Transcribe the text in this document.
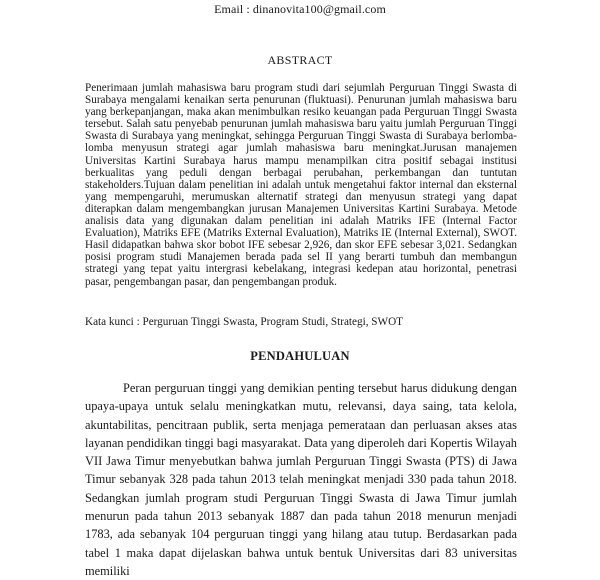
Email : dinanovita100@gmail.com
ABSTRACT
Penerimaan jumlah mahasiswa baru program studi dari sejumlah Perguruan Tinggi Swasta di Surabaya mengalami kenaikan serta penurunan (fluktuasi). Penurunan jumlah mahasiswa baru yang berkepanjangan, maka akan menimbulkan resiko keuangan pada Perguruan Tinggi Swasta tersebut. Salah satu penyebab penurunan jumlah mahasiswa baru yaitu jumlah Perguruan Tinggi Swasta di Surabaya yang meningkat, sehingga Perguruan Tinggi Swasta di Surabaya berlomba-lomba menyusun strategi agar jumlah mahasiswa baru meningkat.Jurusan manajemen Universitas Kartini Surabaya harus mampu menampilkan citra positif sebagai institusi berkualitas yang peduli dengan berbagai perubahan, perkembangan dan tuntutan stakeholders.Tujuan dalam penelitian ini adalah untuk mengetahui faktor internal dan eksternal yang mempengaruhi, merumuskan alternatif strategi dan menyusun strategi yang dapat diterapkan dalam mengembangkan jurusan Manajemen Universitas Kartini Surabaya. Metode analisis data yang digunakan dalam penelitian ini adalah Matriks IFE (Internal Factor Evaluation), Matriks EFE (Matriks External Evaluation), Matriks IE (Internal External), SWOT. Hasil didapatkan bahwa skor bobot IFE sebesar 2,926, dan skor EFE sebesar 3,021. Sedangkan posisi program studi Manajemen berada pada sel II yang berarti tumbuh dan membangun strategi yang tepat yaitu intergrasi kebelakang, integrasi kedepan atau horizontal, penetrasi pasar, pengembangan pasar, dan pengembangan produk.
Kata kunci : Perguruan Tinggi Swasta, Program Studi, Strategi, SWOT
PENDAHULUAN
Peran perguruan tinggi yang demikian penting tersebut harus didukung dengan upaya-upaya untuk selalu meningkatkan mutu, relevansi, daya saing, tata kelola, akuntabilitas, pencitraan publik, serta menjaga pemerataan dan perluasan akses atas layanan pendidikan tinggi bagi masyarakat. Data yang diperoleh dari Kopertis Wilayah VII Jawa Timur menyebutkan bahwa jumlah Perguruan Tinggi Swasta (PTS) di Jawa Timur sebanyak 328 pada tahun 2013 telah meningkat menjadi 330 pada tahun 2018. Sedangkan jumlah program studi Perguruan Tinggi Swasta di Jawa Timur jumlah menurun pada tahun 2013 sebanyak 1887 dan pada tahun 2018 menurun menjadi 1783, ada sebanyak 104 perguruan tinggi yang hilang atau tutup. Berdasarkan pada tabel 1 maka dapat dijelaskan bahwa untuk bentuk Universitas dari 83 universitas memiliki
